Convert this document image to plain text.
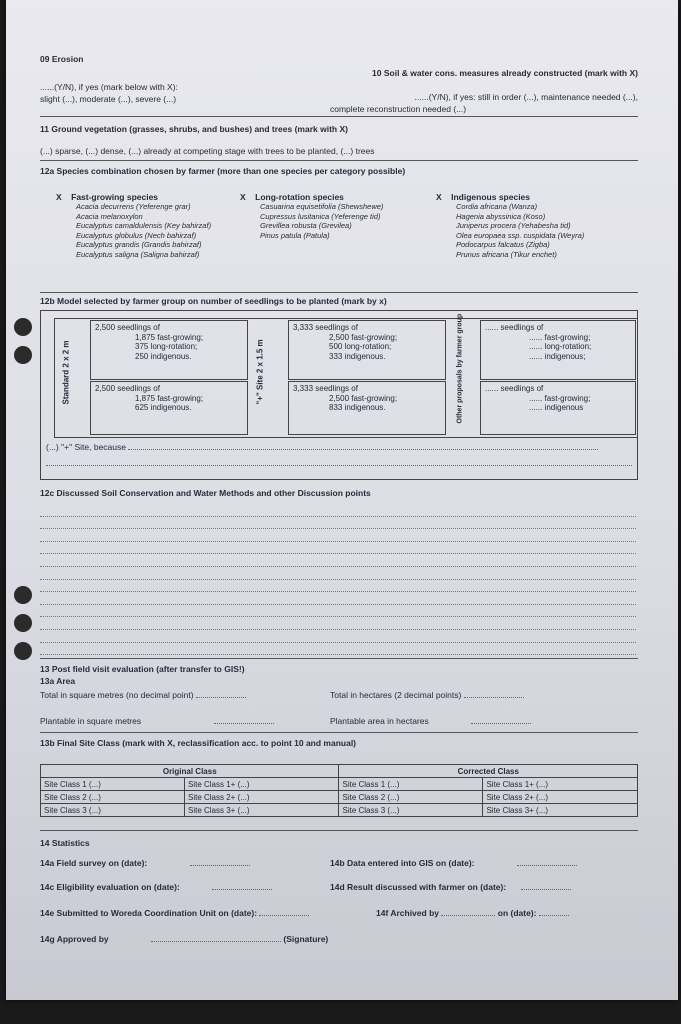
09 Erosion
10 Soil & water cons. measures already constructed (mark with X)
......(Y/N), if yes (mark below with X):
slight (...), moderate (...), severe (...)	......(Y/N), if yes: still in order (...), maintenance needed (...),
complete reconstruction needed (...)
11 Ground vegetation (grasses, shrubs, and bushes) and trees (mark with X)
(...) sparse, (...) dense, (...) already at competing stage with trees to be planted, (...) trees
12a Species combination chosen by farmer (more than one species per category possible)
X Fast-growing species
Acacia decurrens (Yeferenge grar)
Acacia melanoxylon
Eucalyptus camaldulensis (Key bahirzaf)
Eucalyptus globulus (Nech bahirzaf)
Eucalyptus grandis (Grandis bahirzaf)
Eucalyptus saligna (Saligna bahirzaf)
X Long-rotation species
Casuarina equisetifolia (Shewshewe)
Cupressus lusitanica (Yeferenge tid)
Grevillea robusta (Grevilea)
Pinus patula (Patula)
X Indigenous species
Cordia africana (Wanza)
Hagenia abyssinica (Koso)
Juniperus procera (Yehabesha tid)
Olea europaea ssp. cuspidata (Weyra)
Podocarpus falcatus (Zigba)
Prunus africana (Tikur enchet)
12b Model selected by farmer group on number of seedlings to be planted (mark by x)
Standard 2 x 2 m
2,500 seedlings of
1,875 fast-growing;
375 long-rotation;
250 indigenous.
2,500 seedlings of
1,875 fast-growing;
625 indigenous.
"+" Site 2 x 1.5 m
3,333 seedlings of
2,500 fast-growing;
500 long-rotation;
333 indigenous.
3,333 seedlings of
2,500 fast-growing;
833 indigenous.	Other proposals by farmer group	...... seedlings of
...... fast-growing;
...... long-rotation;
...... indigenous;
...... seedlings of
...... fast-growing;
...... indigenous
(...) "+" Site, because
12c Discussed Soil Conservation and Water Methods and other Discussion points
13 Post field visit evaluation (after transfer to GIS!)
13a Area
Total in square metres (no decimal point)	Total in hectares (2 decimal points)
Plantable in square metres	Plantable area in hectares
13b Final Site Class (mark with X, reclassification acc. to point 10 and manual)
Original Class		Corrected Class	
Site Class 1 (...)	Site Class 1+ (...)	Site Class 1 (...)	Site Class 1+ (...)
Site Class 2 (...)	Site Class 2+ (...)	Site Class 2 (...)	Site Class 2+ (...)
Site Class 3 (...)	Site Class 3+ (...)	Site Class 3 (...)	Site Class 3+ (...)
14 Statistics
14a Field survey on (date):	14b Data entered into GIS on (date):
14c Eligibility evaluation on (date):	14d Result discussed with farmer on (date):
14e Submitted to Woreda Coordination Unit on (date):	14f Archived by	on (date):
14g Approved by	(Signature)
